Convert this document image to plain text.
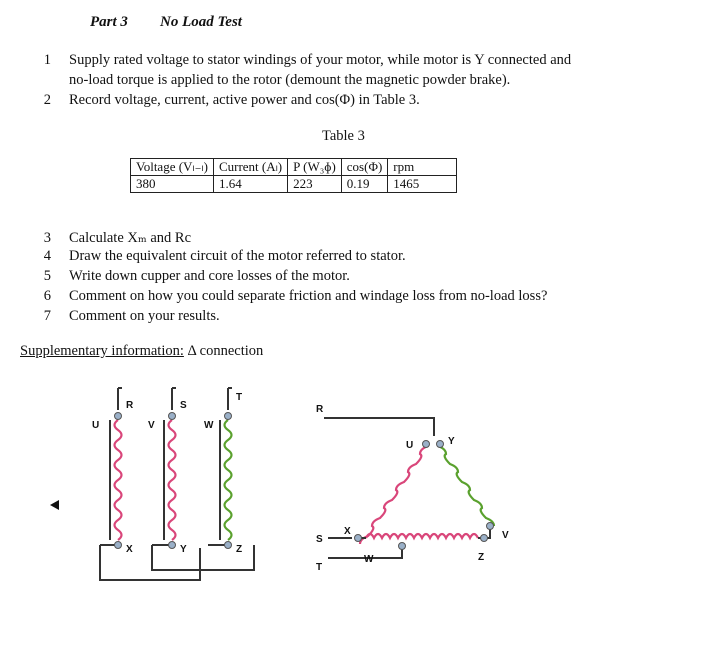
Part 3 No Load Test
1 Supply rated voltage to stator windings of your motor, while motor is Y connected and
no-load torque is applied to the rotor (demount the magnetic powder brake).
2 Record voltage, current, active power and cos(Φ) in Table 3.
Table 3
Voltage (Vₗ₋ₗ)	Current (Aₗ)	P (W₃ɸ)	cos(Φ)	rpm
380	1.64	223	0.19	1465
3 Calculate Xₘ and Rc
4 Draw the equivalent circuit of the motor referred to stator.
5 Write down cupper and core losses of the motor.
6 Comment on how you could separate friction and windage loss from no-load loss?
7 Comment on your results.
Supplementary information: Δ connection
R	S
T
U	V	W
X	Y	Z
R
S
T
U	Y
X
W
V
Z
